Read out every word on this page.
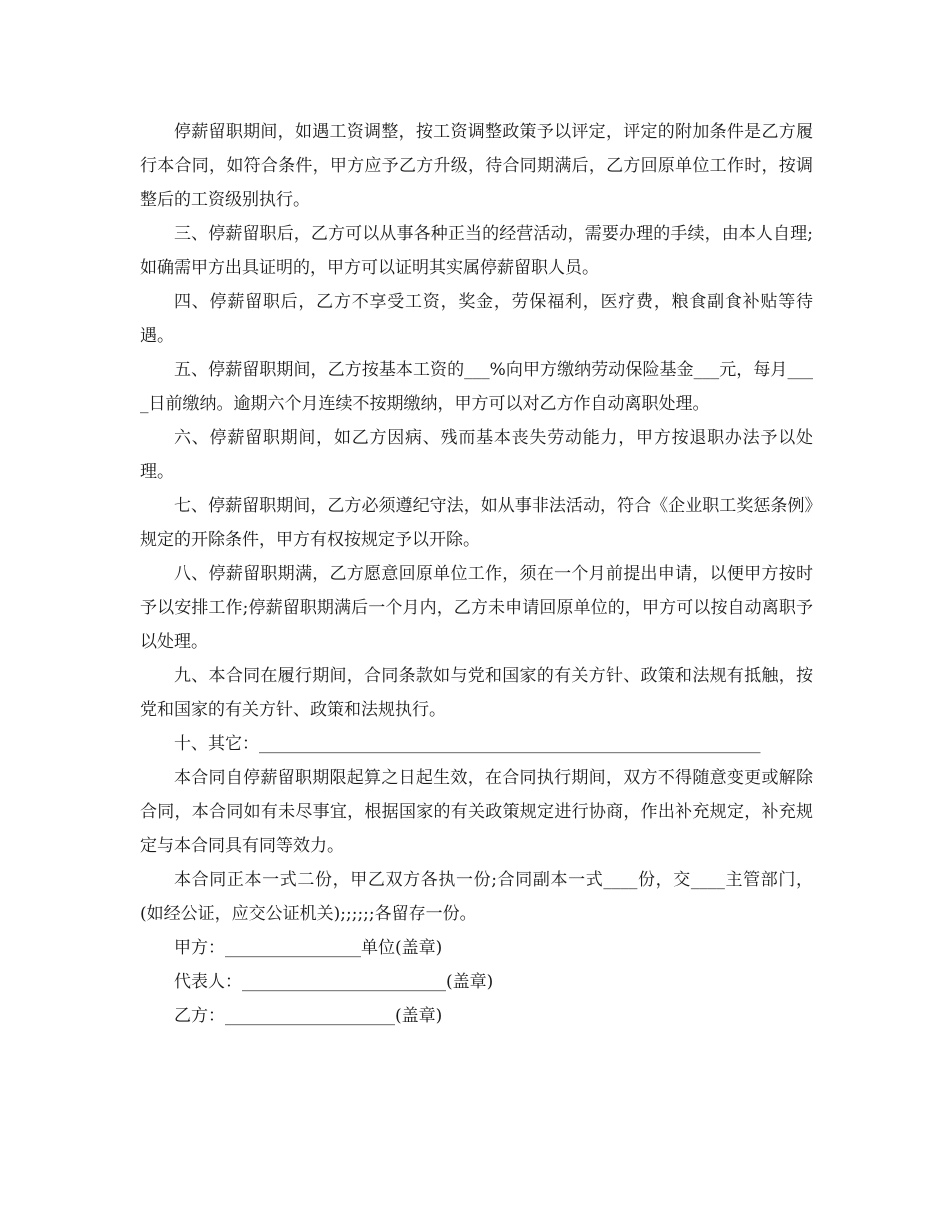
停薪留职期间，如遇工资调整，按工资调整政策予以评定，评定的附加条件是乙方履行本合同，如符合条件，甲方应予乙方升级，待合同期满后，乙方回原单位工作时，按调整后的工资级别执行。

三、停薪留职后，乙方可以从事各种正当的经营活动，需要办理的手续，由本人自理;如确需甲方出具证明的，甲方可以证明其实属停薪留职人员。

四、停薪留职后，乙方不享受工资，奖金，劳保福利，医疗费，粮食副食补贴等待遇。

五、停薪留职期间，乙方按基本工资的___%向甲方缴纳劳动保险基金___元，每月____日前缴纳。逾期六个月连续不按期缴纳，甲方可以对乙方作自动离职处理。

六、停薪留职期间，如乙方因病、残而基本丧失劳动能力，甲方按退职办法予以处理。

七、停薪留职期间，乙方必须遵纪守法，如从事非法活动，符合《企业职工奖惩条例》规定的开除条件，甲方有权按规定予以开除。

八、停薪留职期满，乙方愿意回原单位工作，须在一个月前提出申请，以便甲方按时予以安排工作;停薪留职期满后一个月内，乙方未申请回原单位的，甲方可以按自动离职予以处理。

九、本合同在履行期间，合同条款如与党和国家的有关方针、政策和法规有抵触，按党和国家的有关方针、政策和法规执行。

十、其它：___________________________________________________________

本合同自停薪留职期限起算之日起生效，在合同执行期间，双方不得随意变更或解除合同，本合同如有未尽事宜，根据国家的有关政策规定进行协商，作出补充规定，补充规定与本合同具有同等效力。

本合同正本一式二份，甲乙双方各执一份;合同副本一式____份，交____主管部门，(如经公证，应交公证机关);;;;;;各留存一份。

甲方：________________单位(盖章)

代表人：________________________(盖章)

乙方：____________________(盖章)
